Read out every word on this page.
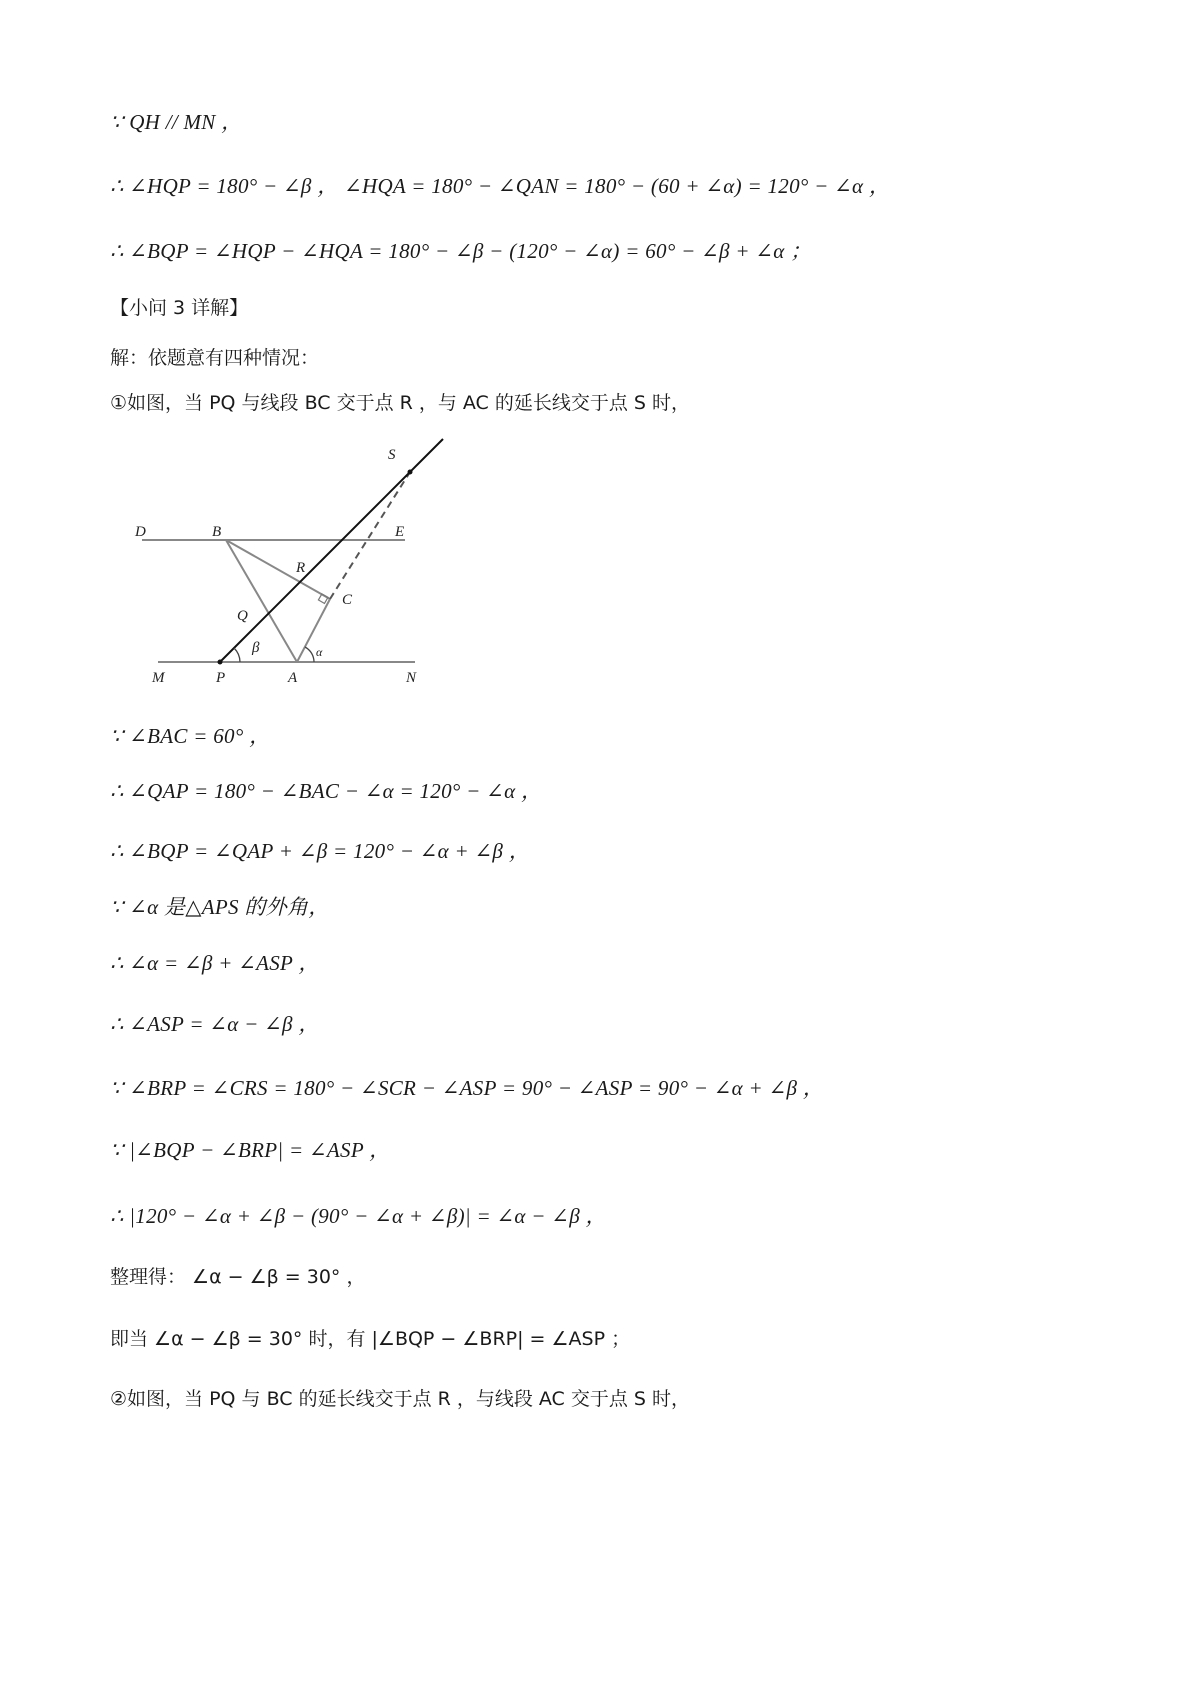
∵ QH // MN ，
∴ ∠HQP = 180° − ∠β ， ∠HQA = 180° − ∠QAN = 180° − (60 + ∠α) = 120° − ∠α ，
∴ ∠BQP = ∠HQP − ∠HQA = 180° − ∠β − (120° − ∠α) = 60° − ∠β + ∠α ；
【小问 3 详解】
解：依题意有四种情况：
①如图，当 PQ 与线段 BC 交于点 R ，与 AC 的延长线交于点 S 时，
S
D	B	E
R
C
Q
β	α
M	P	A	N
∵ ∠BAC = 60° ，
∴ ∠QAP = 180° − ∠BAC − ∠α = 120° − ∠α ，
∴ ∠BQP = ∠QAP + ∠β = 120° − ∠α + ∠β ，
∵ ∠α 是△APS 的外角，
∴ ∠α = ∠β + ∠ASP ，
∴ ∠ASP = ∠α − ∠β ，
∵ ∠BRP = ∠CRS = 180° − ∠SCR − ∠ASP = 90° − ∠ASP = 90° − ∠α + ∠β ，
∵ |∠BQP − ∠BRP| = ∠ASP ，
∴ |120° − ∠α + ∠β − (90° − ∠α + ∠β)| = ∠α − ∠β ，
整理得： ∠α − ∠β = 30° ，
即当 ∠α − ∠β = 30° 时，有 |∠BQP − ∠BRP| = ∠ASP ；
②如图，当 PQ 与 BC 的延长线交于点 R ，与线段 AC 交于点 S 时，
